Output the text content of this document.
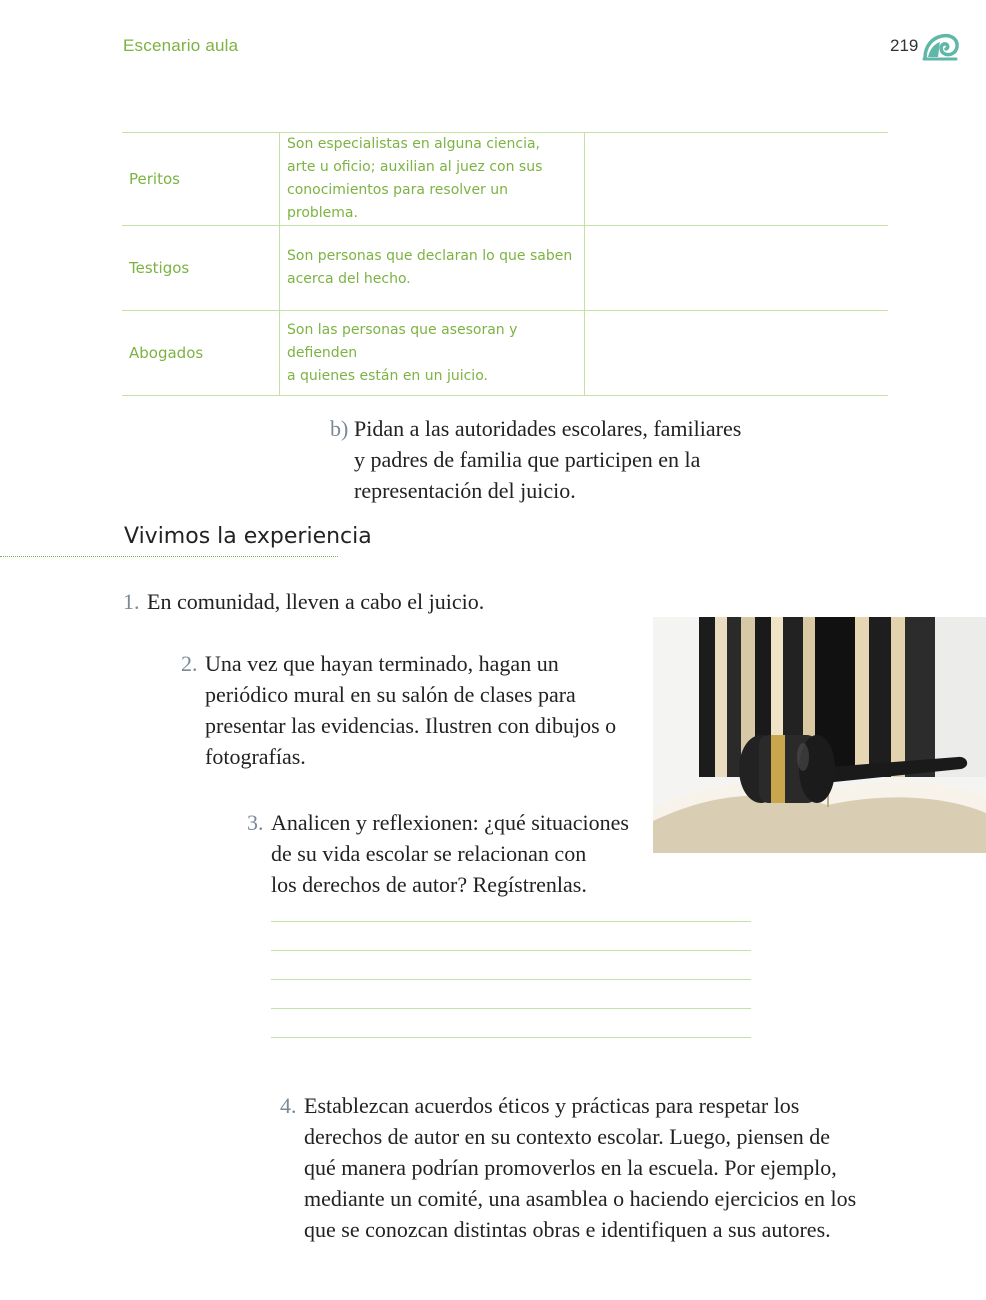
Escenario aula	219
Peritos	Son especialistas en alguna ciencia,
arte u oficio; auxilian al juez con sus
conocimientos para resolver un problema.	

Testigos	Son personas que declaran lo que saben
acerca del hecho.	

Abogados	Son las personas que asesoran y defienden
a quienes están en un juicio.	

b) Pidan a las autoridades escolares, familiares
y padres de familia que participen en la
representación del juicio.
Vivimos la experiencia
1. En comunidad, lleven a cabo el juicio.
2. Una vez que hayan terminado, hagan un
periódico mural en su salón de clases para
presentar las evidencias. Ilustren con dibujos o
fotografías.
3. Analicen y reflexionen: ¿qué situaciones
de su vida escolar se relacionan con
los derechos de autor? Regístrenlas.
4. Establezcan acuerdos éticos y prácticas para respetar los
derechos de autor en su contexto escolar. Luego, piensen de
qué manera podrían promoverlos en la escuela. Por ejemplo,
mediante un comité, una asamblea o haciendo ejercicios en los
que se conozcan distintas obras e identifiquen a sus autores.
